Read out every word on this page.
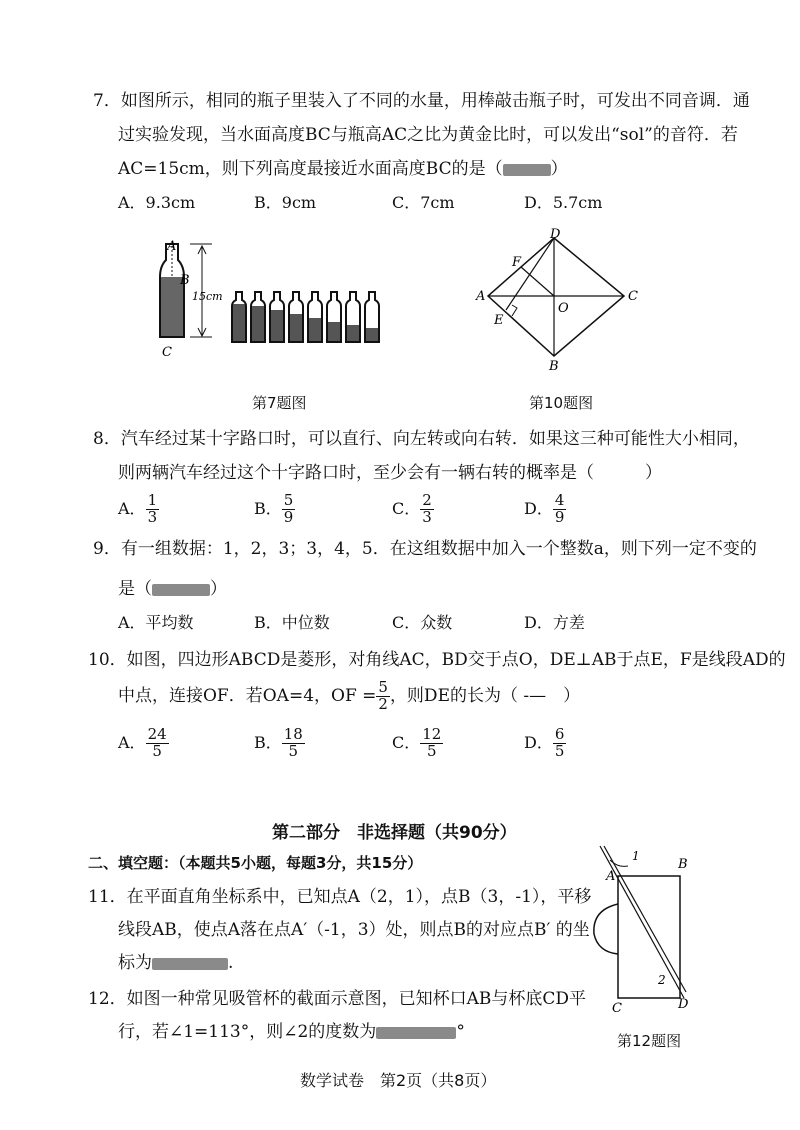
7．如图所示，相同的瓶子里装入了不同的水量，用棒敲击瓶子时，可发出不同音调．通
过实验发现，当水面高度BC与瓶高AC之比为黄金比时，可以发出“sol”的音符．若
AC=15cm，则下列高度最接近水面高度BC的是（	）
A．9.3cm	B．9cm	C．7cm	D．5.7cm
A
B
C
15cm
D
F
A
E
O
C
B
第7题图	第10题图
8．汽车经过某十字路口时，可以直行、向左转或向右转．如果这三种可能性大小相同，
则两辆汽车经过这个十字路口时，至少会有一辆右转的概率是（　　　）
A． $\frac{1}{3}$	B． $\frac{5}{9}$	C． $\frac{2}{3}$	D． $\frac{4}{9}$
9．有一组数据：1，2，3；3，4，5．在这组数据中加入一个整数a，则下列一定不变的
是（	）
A．平均数	B．中位数	C．众数	D．方差
10．如图，四边形ABCD是菱形，对角线AC，BD交于点O，DE⊥AB于点E，F是线段AD的
中点，连接OF．若OA=4，OF = $\frac{5}{2}$ ，则DE的长为（ -—　）
A． $\frac{24}{5}$	B． $\frac{18}{5}$	C． $\frac{12}{5}$	D． $\frac{6}{5}$
第二部分　非选择题（共90分）
二、填空题：（本题共5小题，每题3分，共15分）
11．在平面直角坐标系中，已知点A（2，1），点B（3，-1），平移
线段AB，使点A落在点A′（-1，3）处，则点B的对应点B′ 的坐
标为	.
12．如图一种常见吸管杯的截面示意图，已知杯口AB与杯底CD平
行，若∠1=113°，则∠2的度数为	°
1
B
A
2
C	D
第12题图
数学试卷　第2页（共8页）
